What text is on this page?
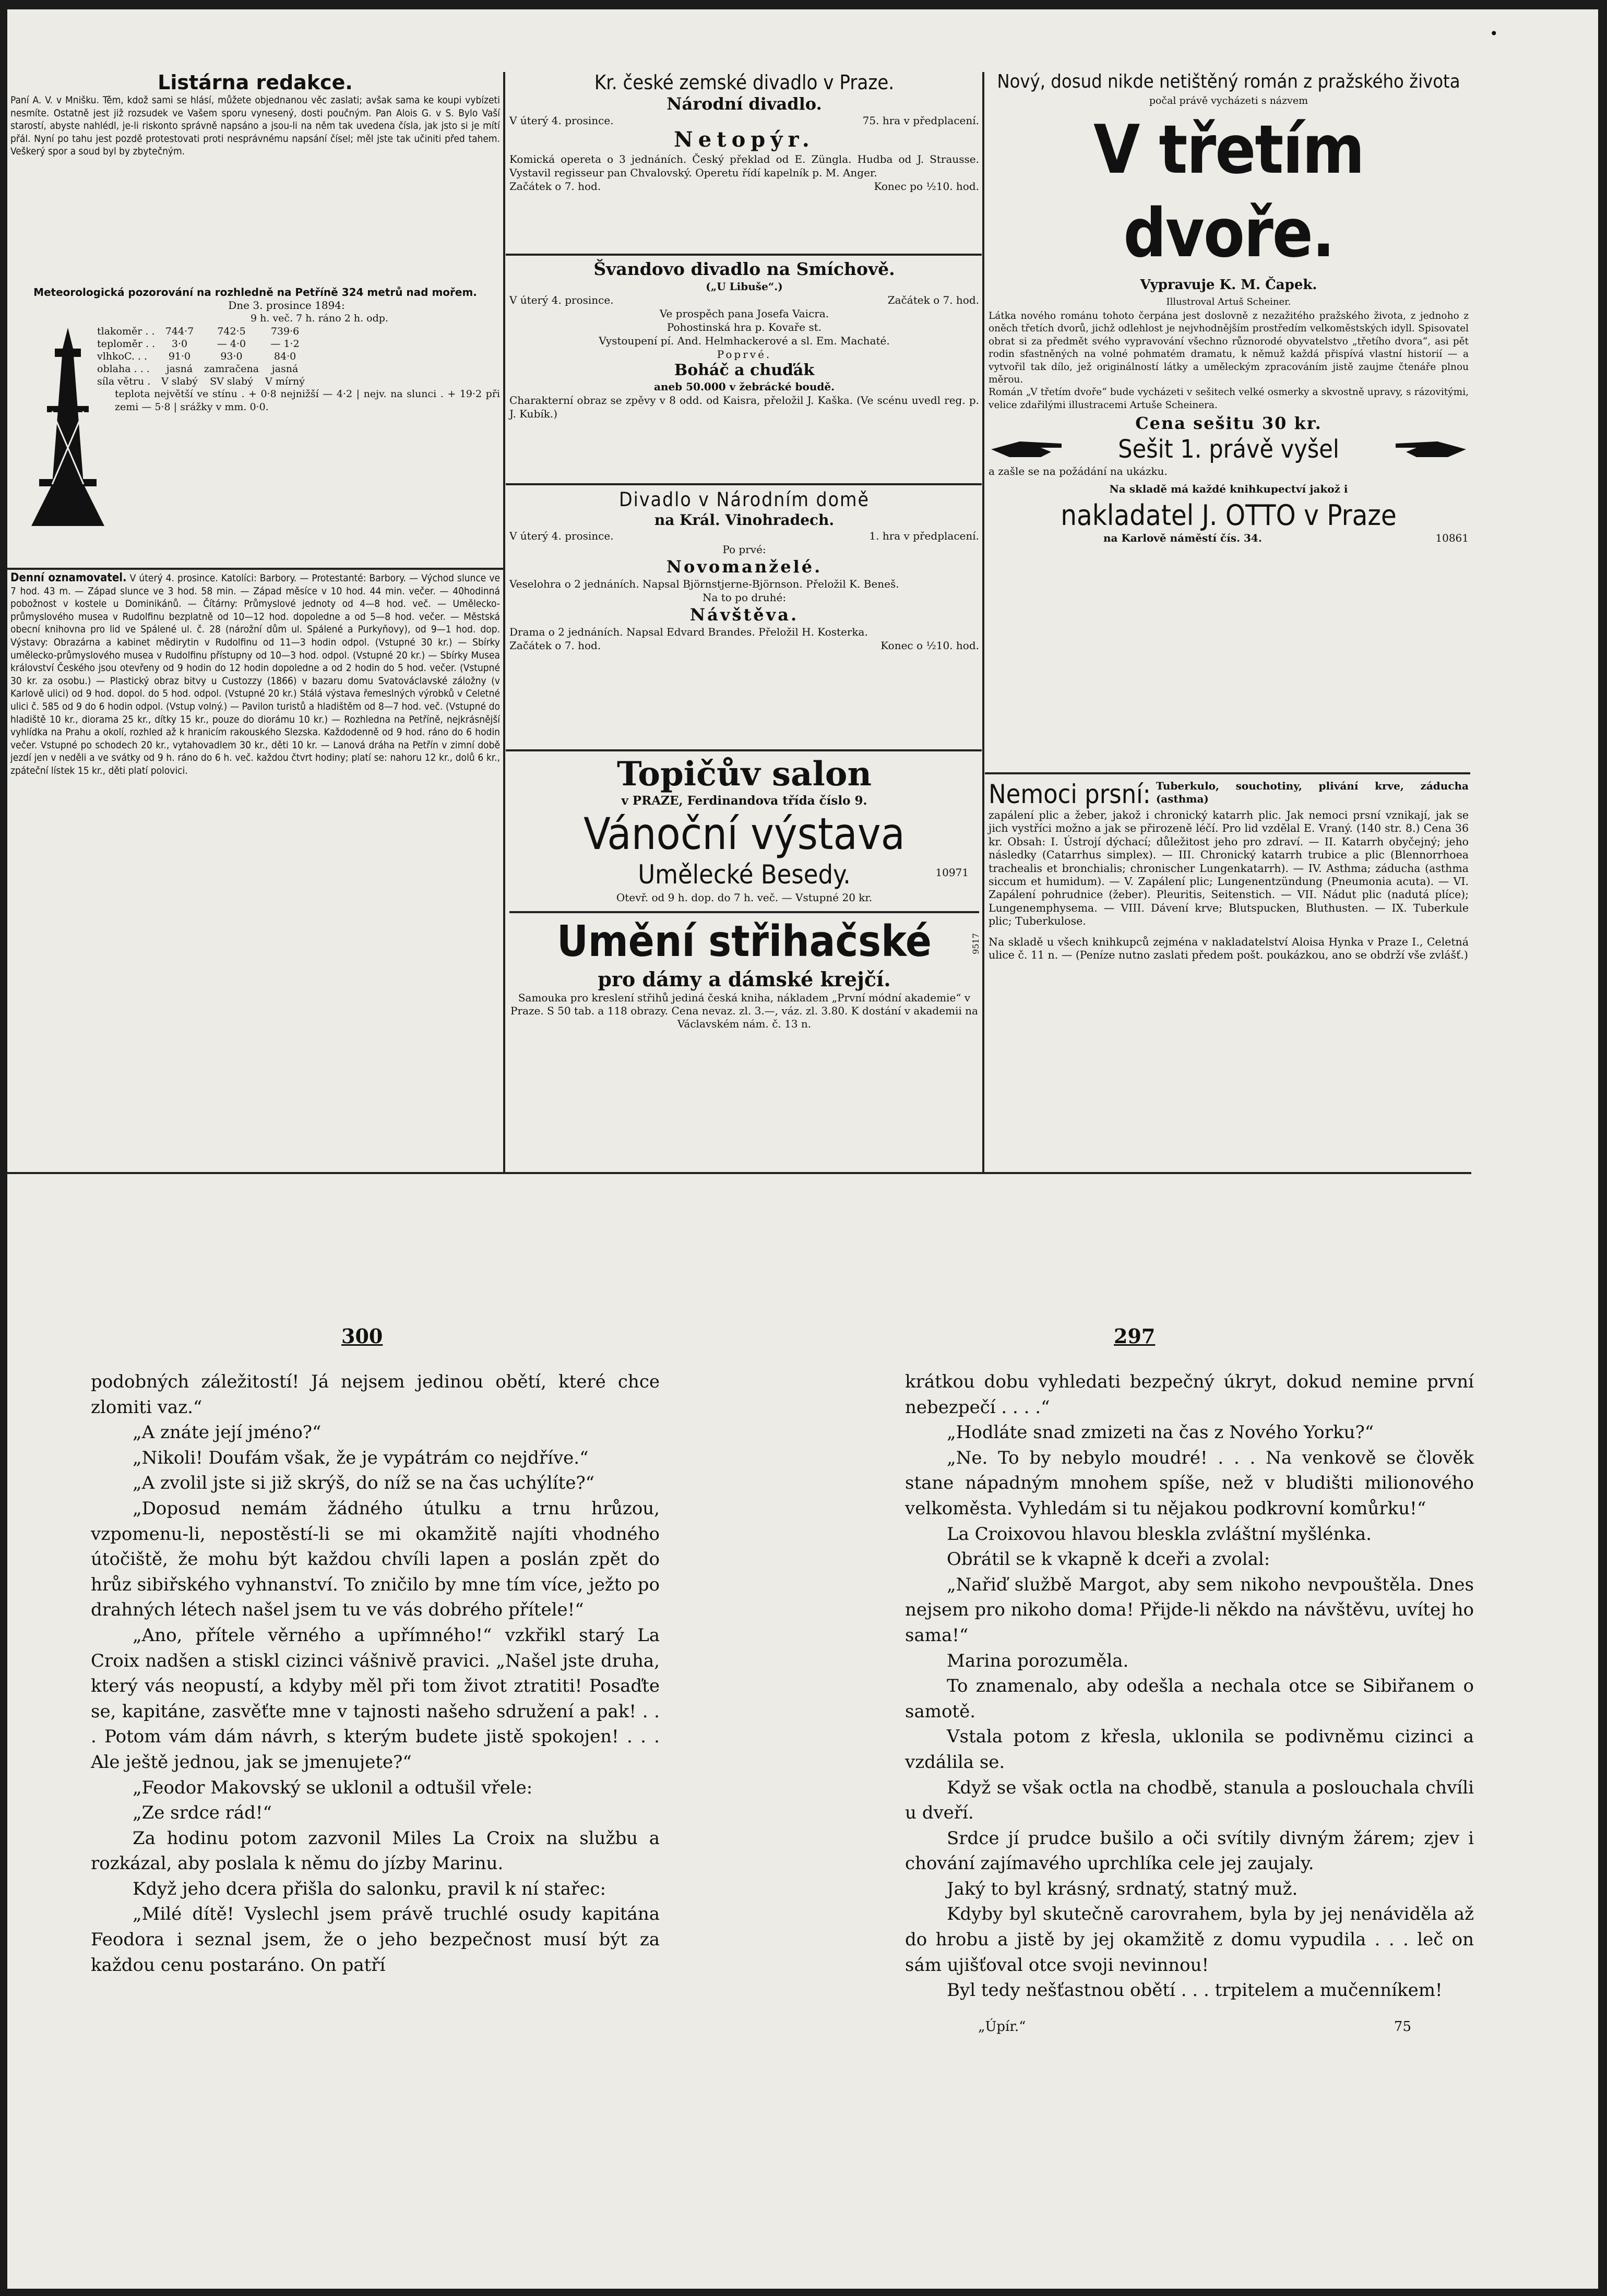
•
Listárna redakce.

Paní A. V. v Mnišku. Těm, kdož sami se hlásí, můžete objednanou věc zaslati; avšak sama ke koupi vybízeti nesmíte. Ostatně jest již rozsudek ve Vašem sporu vynesený, dosti poučným. Pan Alois G. v S. Bylo Vaší starostí, abyste nahlédl, je-li riskonto správně napsáno a jsou-li na něm tak uvedena čísla, jak jsto si je mítí přál. Nyní po tahu jest pozdě protestovati proti nesprávnému napsání čísel; měl jste tak učiniti před tahem. Veškerý spor a soud byl by zbytečným.

Meteorologická pozorování na rozhledně na Petříně 324 metrů nad mořem.
Dne 3. prosince 1894:
9 h. več. 7 h. ráno 2 h. odp.
tlakoměr . .	744·7	742·5	739·6
teploměr . .	3·0	— 4·0	— 1·2
vlhkoC. . .	91·0	93·0	84·0
oblaha . . .	jasná	zamračena	jasná
síla větru .	V slabý	SV slabý	V mírný
teplota největší ve stínu . + 0·8 nejnižší — 4·2 | nejv. na slunci . + 19·2 při zemi — 5·8 | srážky v mm. 0·0.

Denní oznamovatel. V úterý 4. prosince. Katolíci: Barbory. — Protestanté: Barbory. — Východ slunce ve 7 hod. 43 m. — Západ slunce ve 3 hod. 58 min. — Západ měsíce v 10 hod. 44 min. večer. — 40hodinná pobožnost v kostele u Dominikánů. — Čítárny: Průmyslové jednoty od 4—8 hod. več. — Umělecko-průmyslového musea v Rudolfinu bezplatně od 10—12 hod. dopoledne a od 5—8 hod. večer. — Městská obecní knihovna pro lid ve Spálené ul. č. 28 (nárožní dům ul. Spálené a Purkyňovy), od 9—1 hod. dop. Výstavy: Obrazárna a kabinet mědirytin v Rudolfinu od 11—3 hodin odpol. (Vstupné 30 kr.) — Sbírky umělecko-průmyslového musea v Rudolfinu přístupny od 10—3 hod. odpol. (Vstupné 20 kr.) — Sbírky Musea království Českého jsou otevřeny od 9 hodin do 12 hodin dopoledne a od 2 hodin do 5 hod. večer. (Vstupné 30 kr. za osobu.) — Plastický obraz bitvy u Custozzy (1866) v bazaru domu Svatováclavské záložny (v Karlově ulici) od 9 hod. dopol. do 5 hod. odpol. (Vstupné 20 kr.) Stálá výstava řemeslných výrobků v Celetné ulici č. 585 od 9 do 6 hodin odpol. (Vstup volný.) — Pavilon turistů a hladištěm od 8—7 hod. več. (Vstupné do hladiště 10 kr., diorama 25 kr., dítky 15 kr., pouze do diorámu 10 kr.) — Rozhledna na Petříně, nejkrásnější vyhlídka na Prahu a okolí, rozhled až k hranicím rakouského Slezska. Každodenně od 9 hod. ráno do 6 hodin večer. Vstupné po schodech 20 kr., vytahovadlem 30 kr., děti 10 kr. — Lanová dráha na Petřín v zimní době jezdí jen v neděli a ve svátky od 9 h. ráno do 6 h. več. každou čtvrt hodiny; platí se: nahoru 12 kr., dolů 6 kr., zpáteční lístek 15 kr., děti platí polovici.

Kr. české zemské divadlo v Praze.
Národní divadlo.
V úterý 4. prosince.	75. hra v předplacení.
Netopýr.

Komická opereta o 3 jednáních. Český překlad od E. Züngla. Hudba od J. Strausse. Vystavil regisseur pan Chvalovský. Operetu řídí kapelník p. M. Anger.

Začátek o 7. hod.	Konec po ½10. hod.
Švandovo divadlo na Smíchově.
(„U Libuše“.)
V úterý 4. prosince.	Začátek o 7. hod.
Ve prospěch pana Josefa Vaicra.
Pohostinská hra p. Kovaře st.
Vystoupení pí. And. Helmhackerové a sl. Em. Machaté.
Poprvé.
Boháč a chuďák
aneb 50.000 v žebrácké boudě.

Charakterní obraz se zpěvy v 8 odd. od Kaisra, přeložil J. Kaška. (Ve scénu uvedl reg. p. J. Kubík.)

Divadlo v Národním domě
na Král. Vinohradech.
V úterý 4. prosince.	1. hra v předplacení.
Po prvé:
Novomanželé.

Veselohra o 2 jednáních. Napsal Björnstjerne-Björnson. Přeložil K. Beneš.

Na to po druhé:
Návštěva.

Drama o 2 jednáních. Napsal Edvard Brandes. Přeložil H. Kosterka.

Začátek o 7. hod.	Konec o ½10. hod.
Topičův salon
v PRAZE, Ferdinandova třída číslo 9.
Vánoční výstava
Umělecké Besedy.	10971
Otevř. od 9 h. dop. do 7 h. več. — Vstupné 20 kr.
Umění střihačské	9517
pro dámy a dámské krejčí.

Samouka pro kreslení střihů jediná česká kniha, nákladem „První módní akademie“ v Praze. S 50 tab. a 118 obrazy. Cena nevaz. zl. 3.—, váz. zl. 3.80. K dostání v akademii na Václavském nám. č. 13 n.

Nový, dosud nikde netištěný román z pražského života
počal právě vycházeti s názvem
V třetím dvoře.
Vypravuje K. M. Čapek.
Illustroval Artuš Scheiner.

Látka nového románu tohoto čerpána jest doslovně z nezažitého pražského života, z jednoho z oněch třetích dvorů, jichž odlehlost je nejvhodnějším prostředím velkoměstských idyll. Spisovatel obrat si za předmět svého vypravování všechno různorodé obyvatelstvo „třetího dvora“, asi pět rodin sfastněných na volné pohmatém dramatu, k němuž každá přispívá vlastní historií — a vytvořil tak dílo, jež originálností látky a uměleckým zpracováním jistě zaujme čtenáře plnou měrou.

Román „V třetím dvoře“ bude vycházeti v sešitech velké osmerky a skvostně upravy, s rázovitými, velice zdařilými illustracemi Artuše Scheinera.

Cena sešitu 30 kr.
Sešit 1. právě vyšel
a zašle se na požádání na ukázku.
Na skladě má každé knihkupectví jakož i
nakladatel J. OTTO v Praze
na Karlově náměstí čís. 34.	10861
Nemoci prsní: Tuberkulo, souchotiny, plivání krve, záducha (asthma)

zapálení plic a žeber, jakož i chronický katarrh plic. Jak nemoci prsní vznikají, jak se jich vystříci možno a jak se přirozeně léčí. Pro lid vzdělal E. Vraný. (140 str. 8.) Cena 36 kr. Obsah: I. Ústrojí dýchací; důležitost jeho pro zdraví. — II. Katarrh obyčejný; jeho následky (Catarrhus simplex). — III. Chronický katarrh trubice a plic (Blennorrhoea trachealis et bronchialis; chronischer Lungenkatarrh). — IV. Asthma; záducha (asthma siccum et humidum). — V. Zapálení plic; Lungenentzündung (Pneumonia acuta). — VI. Zapálení pohrudnice (žeber). Pleuritis, Seitenstich. — VII. Nádut plic (nadutá plíce); Lungenemphysema. — VIII. Dávení krve; Blutspucken, Bluthusten. — IX. Tuberkule plic; Tuberkulose.

Na skladě u všech knihkupců zejména v nakladatelství Aloisa Hynka v Praze I., Celetná ulice č. 11 n. — (Peníze nutno zaslati předem pošt. poukázkou, ano se obdrží vše zvlášť.)

300

podobných záležitostí! Já nejsem jedinou obětí, které chce zlomiti vaz.“

„A znáte její jméno?“

„Nikoli! Doufám však, že je vypátrám co nejdříve.“

„A zvolil jste si již skrýš, do níž se na čas uchýlíte?“

„Doposud nemám žádného útulku a trnu hrůzou, vzpomenu-li, nepostěstí-li se mi okamžitě najíti vhodného útočiště, že mohu být každou chvíli lapen a poslán zpět do hrůz sibiřského vyhnanství. To zničilo by mne tím více, ježto po drahných létech našel jsem tu ve vás dobrého přítele!“

„Ano, přítele věrného a upřímného!“ vzkřikl starý La Croix nadšen a stiskl cizinci vášnivě pravici. „Našel jste druha, který vás neopustí, a kdyby měl při tom život ztratiti! Posaďte se, kapitáne, zasvěťte mne v tajnosti našeho sdružení a pak! . . . Potom vám dám návrh, s kterým budete jistě spokojen! . . . Ale ještě jednou, jak se jmenujete?“

„Feodor Makovský se uklonil a odtušil vřele:

„Ze srdce rád!“

Za hodinu potom zazvonil Miles La Croix na službu a rozkázal, aby poslala k němu do jízby Marinu.

Když jeho dcera přišla do salonku, pravil k ní stařec:

„Milé dítě! Vyslechl jsem právě truchlé osudy kapitána Feodora i seznal jsem, že o jeho bezpečnost musí být za každou cenu postaráno. On patří

297

krátkou dobu vyhledati bezpečný úkryt, dokud nemine první nebezpečí . . . .“

„Hodláte snad zmizeti na čas z Nového Yorku?“

„Ne. To by nebylo moudré! . . . Na venkově se člověk stane nápadným mnohem spíše, než v bludišti milionového velkoměsta. Vyhledám si tu nějakou podkrovní komůrku!“

La Croixovou hlavou bleskla zvláštní myšlénka.

Obrátil se k vkapně k dceři a zvolal:

„Nařiď službě Margot, aby sem nikoho nevpouštěla. Dnes nejsem pro nikoho doma! Přijde-li někdo na návštěvu, uvítej ho sama!“

Marina porozuměla.

To znamenalo, aby odešla a nechala otce se Sibiřanem o samotě.

Vstala potom z křesla, uklonila se podivněmu cizinci a vzdálila se.

Když se však octla na chodbě, stanula a poslouchala chvíli u dveří.

Srdce jí prudce bušilo a oči svítily divným žárem; zjev i chování zajímavého uprchlíka cele jej zaujaly.

Jaký to byl krásný, srdnatý, statný muž.

Kdyby byl skutečně carovrahem, byla by jej nenáviděla až do hrobu a jistě by jej okamžitě z domu vypudila . . . leč on sám ujišťoval otce svoji nevinnou!

Byl tedy nešťastnou obětí . . . trpitelem a mučenníkem!

„Úpír.“	75
